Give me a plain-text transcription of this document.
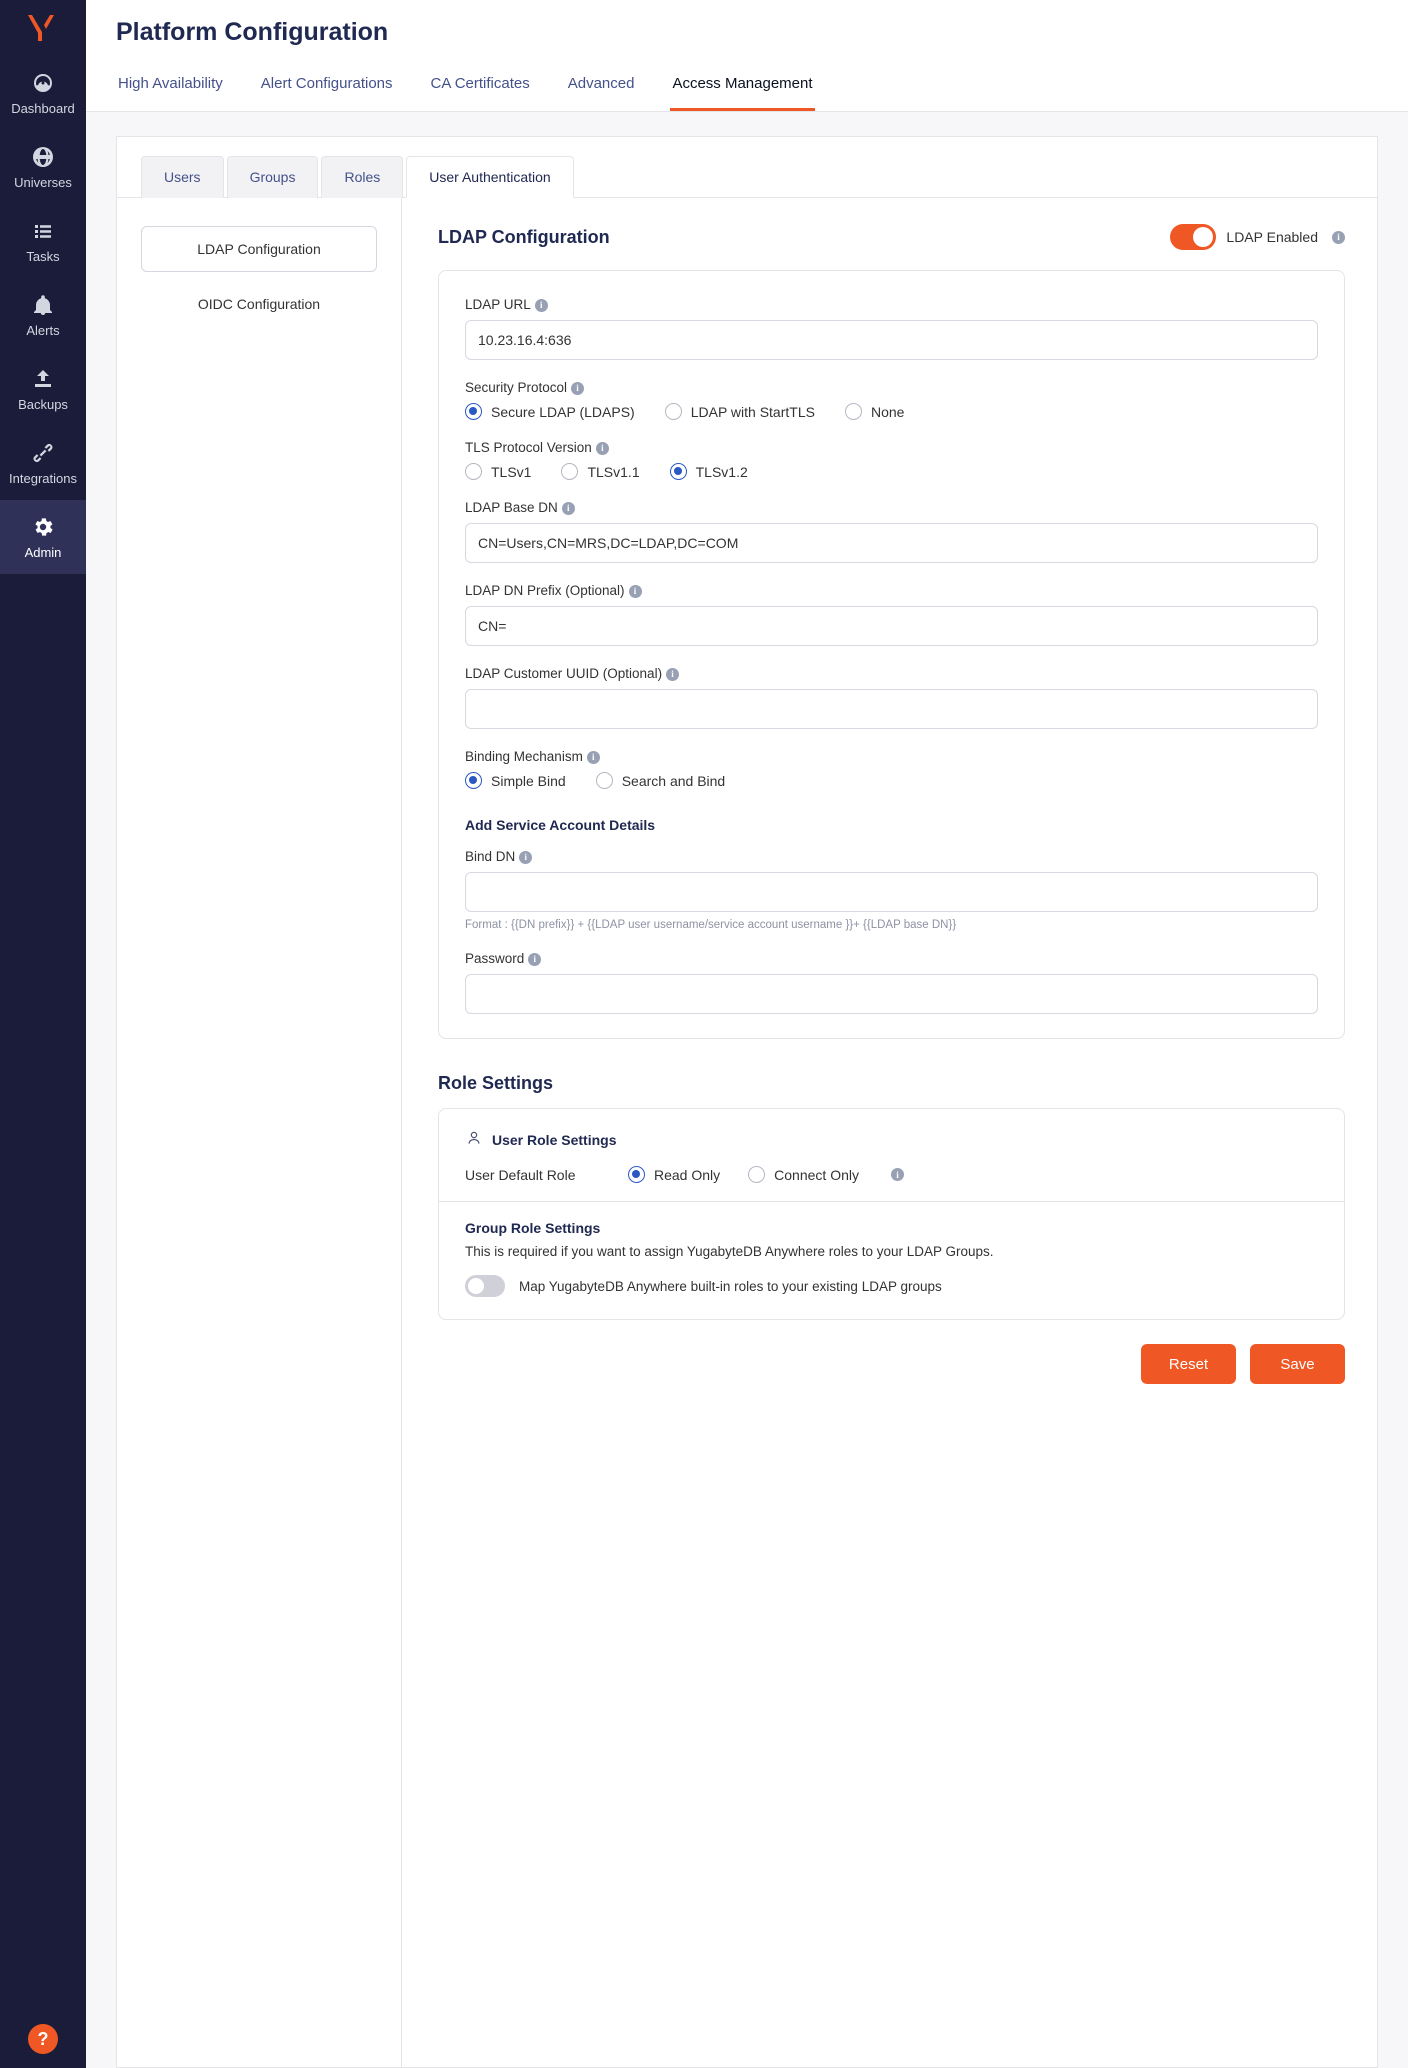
Dashboard
Universes
Tasks
Alerts
Backups
Integrations
Admin
?
Platform Configuration
High Availability	Alert Configurations	CA Certificates	Advanced	Access Management
Users	Groups	Roles	User Authentication
LDAP Configuration
OIDC Configuration
LDAP Configuration	LDAP Enabled	i
LDAP URL i
10.23.16.4:636
Security Protocol i
Secure LDAP (LDAPS)	LDAP with StartTLS	None
TLS Protocol Version i
TLSv1	TLSv1.1	TLSv1.2
LDAP Base DN i
CN=Users,CN=MRS,DC=LDAP,DC=COM
LDAP DN Prefix (Optional) i
CN=
LDAP Customer UUID (Optional) i
Binding Mechanism i
Simple Bind	Search and Bind
Add Service Account Details
Bind DN i
Format : {{DN prefix}} + {{LDAP user username/service account username }}+ {{LDAP base DN}}
Password i
Role Settings
User Role Settings
User Default Role	Read Only	Connect Only	i
Group Role Settings
This is required if you want to assign YugabyteDB Anywhere roles to your LDAP Groups.
Map YugabyteDB Anywhere built-in roles to your existing LDAP groups
Reset	Save
